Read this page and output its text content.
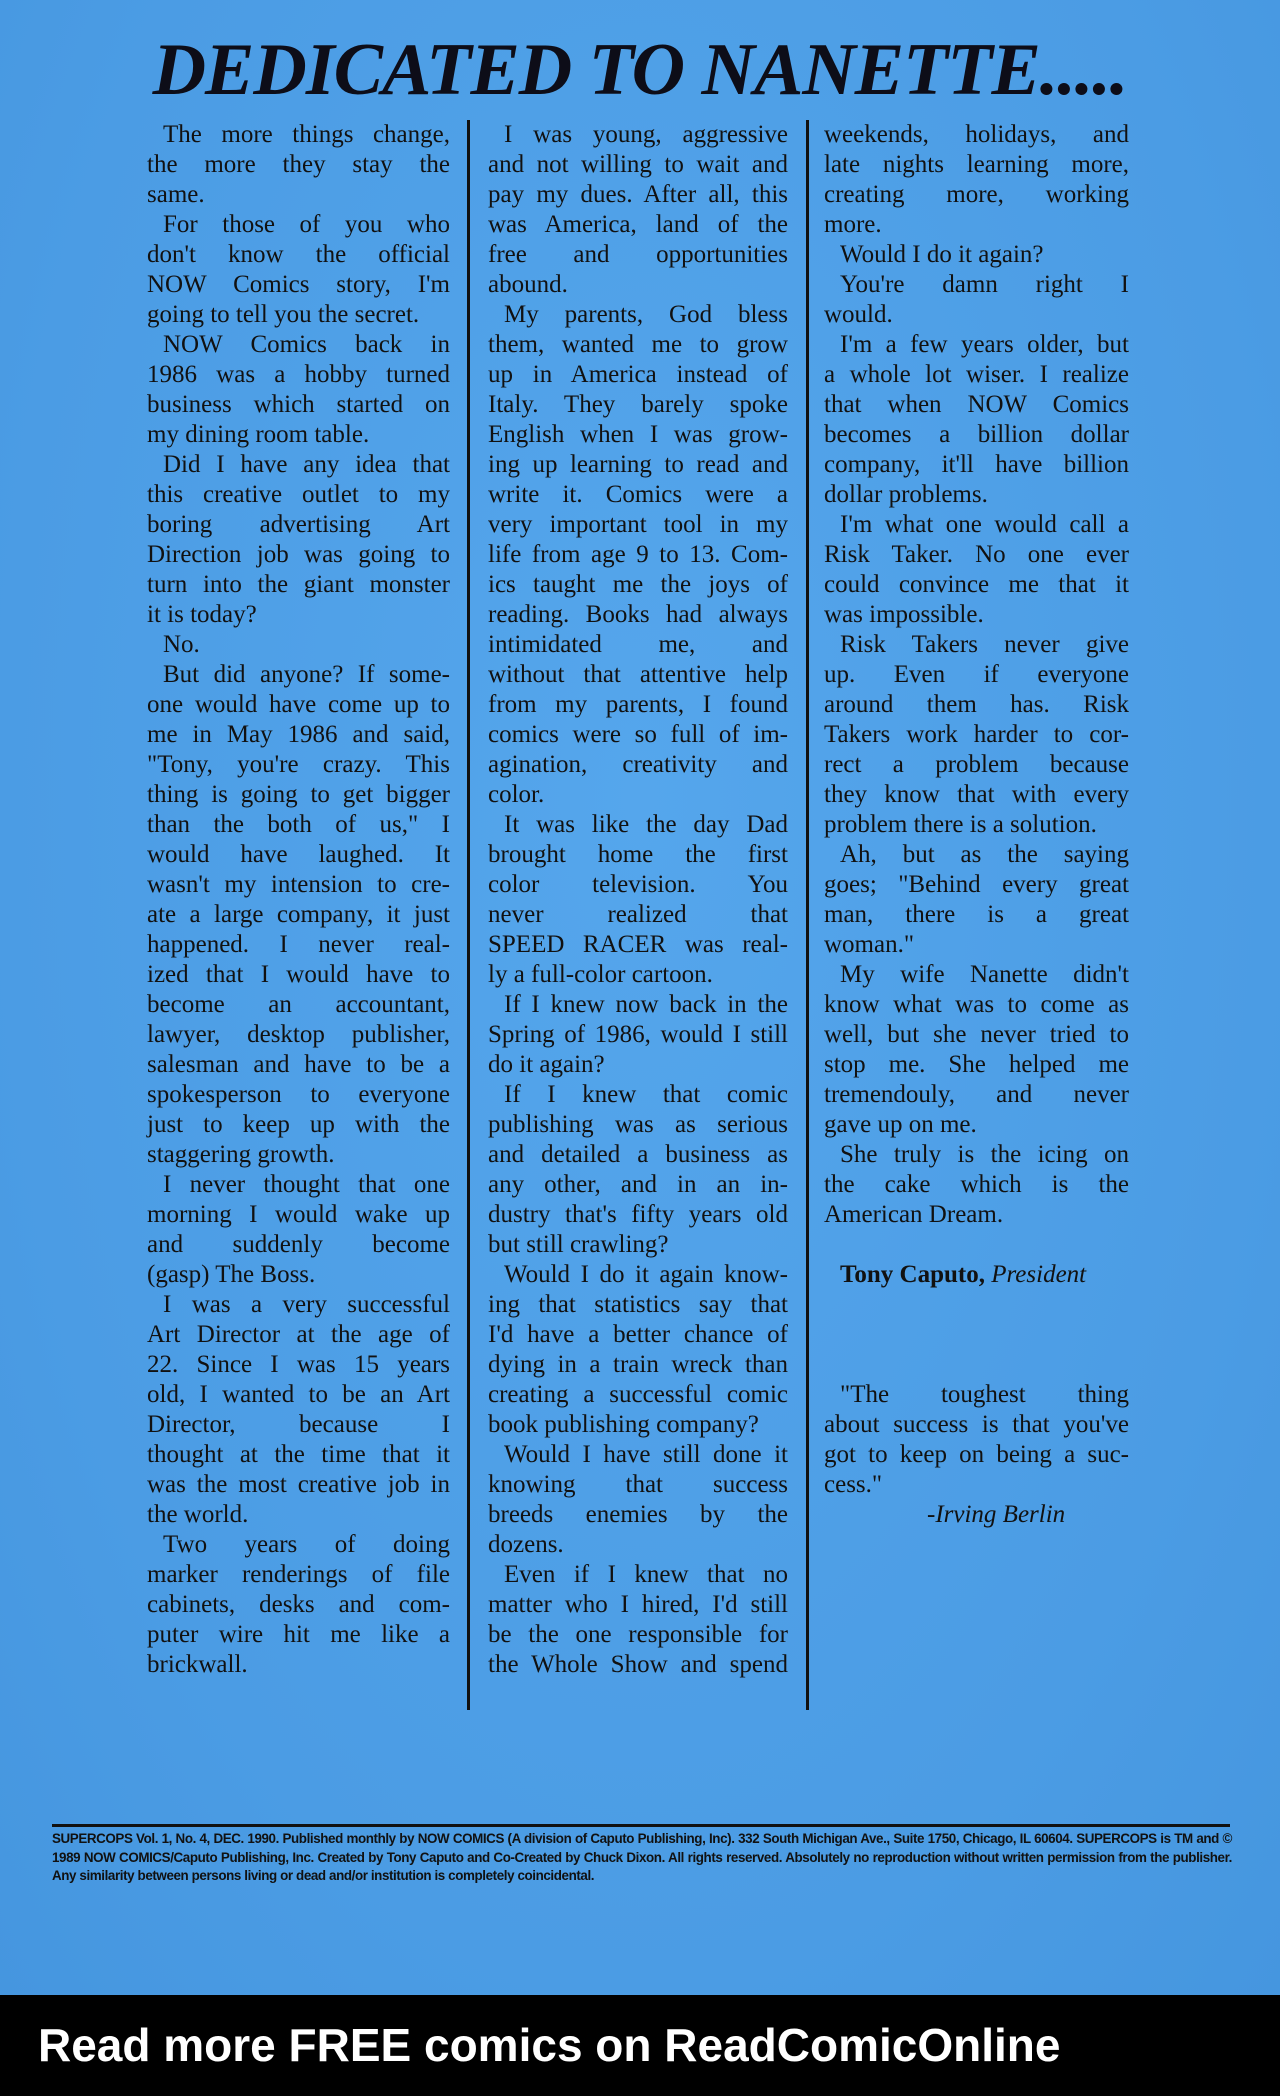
DEDICATED TO NANETTE.....
The more things change,
the more they stay the
same.
For those of you who
don't know the official
NOW Comics story, I'm
going to tell you the secret.
NOW Comics back in
1986 was a hobby turned
business which started on
my dining room table.
Did I have any idea that
this creative outlet to my
boring advertising Art
Direction job was going to
turn into the giant monster
it is today?
No.
But did anyone? If some-
one would have come up to
me in May 1986 and said,
"Tony, you're crazy. This
thing is going to get bigger
than the both of us," I
would have laughed. It
wasn't my intension to cre-
ate a large company, it just
happened. I never real-
ized that I would have to
become an accountant,
lawyer, desktop publisher,
salesman and have to be a
spokesperson to everyone
just to keep up with the
staggering growth.
I never thought that one
morning I would wake up
and suddenly become
(gasp) The Boss.
I was a very successful
Art Director at the age of
22. Since I was 15 years
old, I wanted to be an Art
Director, because I
thought at the time that it
was the most creative job in
the world.
Two years of doing
marker renderings of file
cabinets, desks and com-
puter wire hit me like a
brickwall.
I was young, aggressive
and not willing to wait and
pay my dues. After all, this
was America, land of the
free and opportunities
abound.
My parents, God bless
them, wanted me to grow
up in America instead of
Italy. They barely spoke
English when I was grow-
ing up learning to read and
write it. Comics were a
very important tool in my
life from age 9 to 13. Com-
ics taught me the joys of
reading. Books had always
intimidated me, and
without that attentive help
from my parents, I found
comics were so full of im-
agination, creativity and
color.
It was like the day Dad
brought home the first
color television. You
never realized that
SPEED RACER was real-
ly a full-color cartoon.
If I knew now back in the
Spring of 1986, would I still
do it again?
If I knew that comic
publishing was as serious
and detailed a business as
any other, and in an in-
dustry that's fifty years old
but still crawling?
Would I do it again know-
ing that statistics say that
I'd have a better chance of
dying in a train wreck than
creating a successful comic
book publishing company?
Would I have still done it
knowing that success
breeds enemies by the
dozens.
Even if I knew that no
matter who I hired, I'd still
be the one responsible for
the Whole Show and spend
weekends, holidays, and
late nights learning more,
creating more, working
more.
Would I do it again?
You're damn right I
would.
I'm a few years older, but
a whole lot wiser. I realize
that when NOW Comics
becomes a billion dollar
company, it'll have billion
dollar problems.
I'm what one would call a
Risk Taker. No one ever
could convince me that it
was impossible.
Risk Takers never give
up. Even if everyone
around them has. Risk
Takers work harder to cor-
rect a problem because
they know that with every
problem there is a solution.
Ah, but as the saying
goes; "Behind every great
man, there is a great
woman."
My wife Nanette didn't
know what was to come as
well, but she never tried to
stop me. She helped me
tremendouly, and never
gave up on me.
She truly is the icing on
the cake which is the
American Dream.
Tony Caputo, President
"The toughest thing
about success is that you've
got to keep on being a suc-
cess."
-Irving Berlin
SUPERCOPS Vol. 1, No. 4, DEC. 1990. Published monthly by NOW COMICS (A division of Caputo Publishing, Inc). 332 South Michigan Ave., Suite 1750, Chicago, IL 60604. SUPERCOPS is TM and © 1989 NOW COMICS/Caputo Publishing, Inc. Created by Tony Caputo and Co-Created by Chuck Dixon. All rights reserved. Absolutely no reproduction without written permission from the publisher. Any similarity between persons living or dead and/or institution is completely coincidental.
Read more FREE comics on ReadComicOnline
